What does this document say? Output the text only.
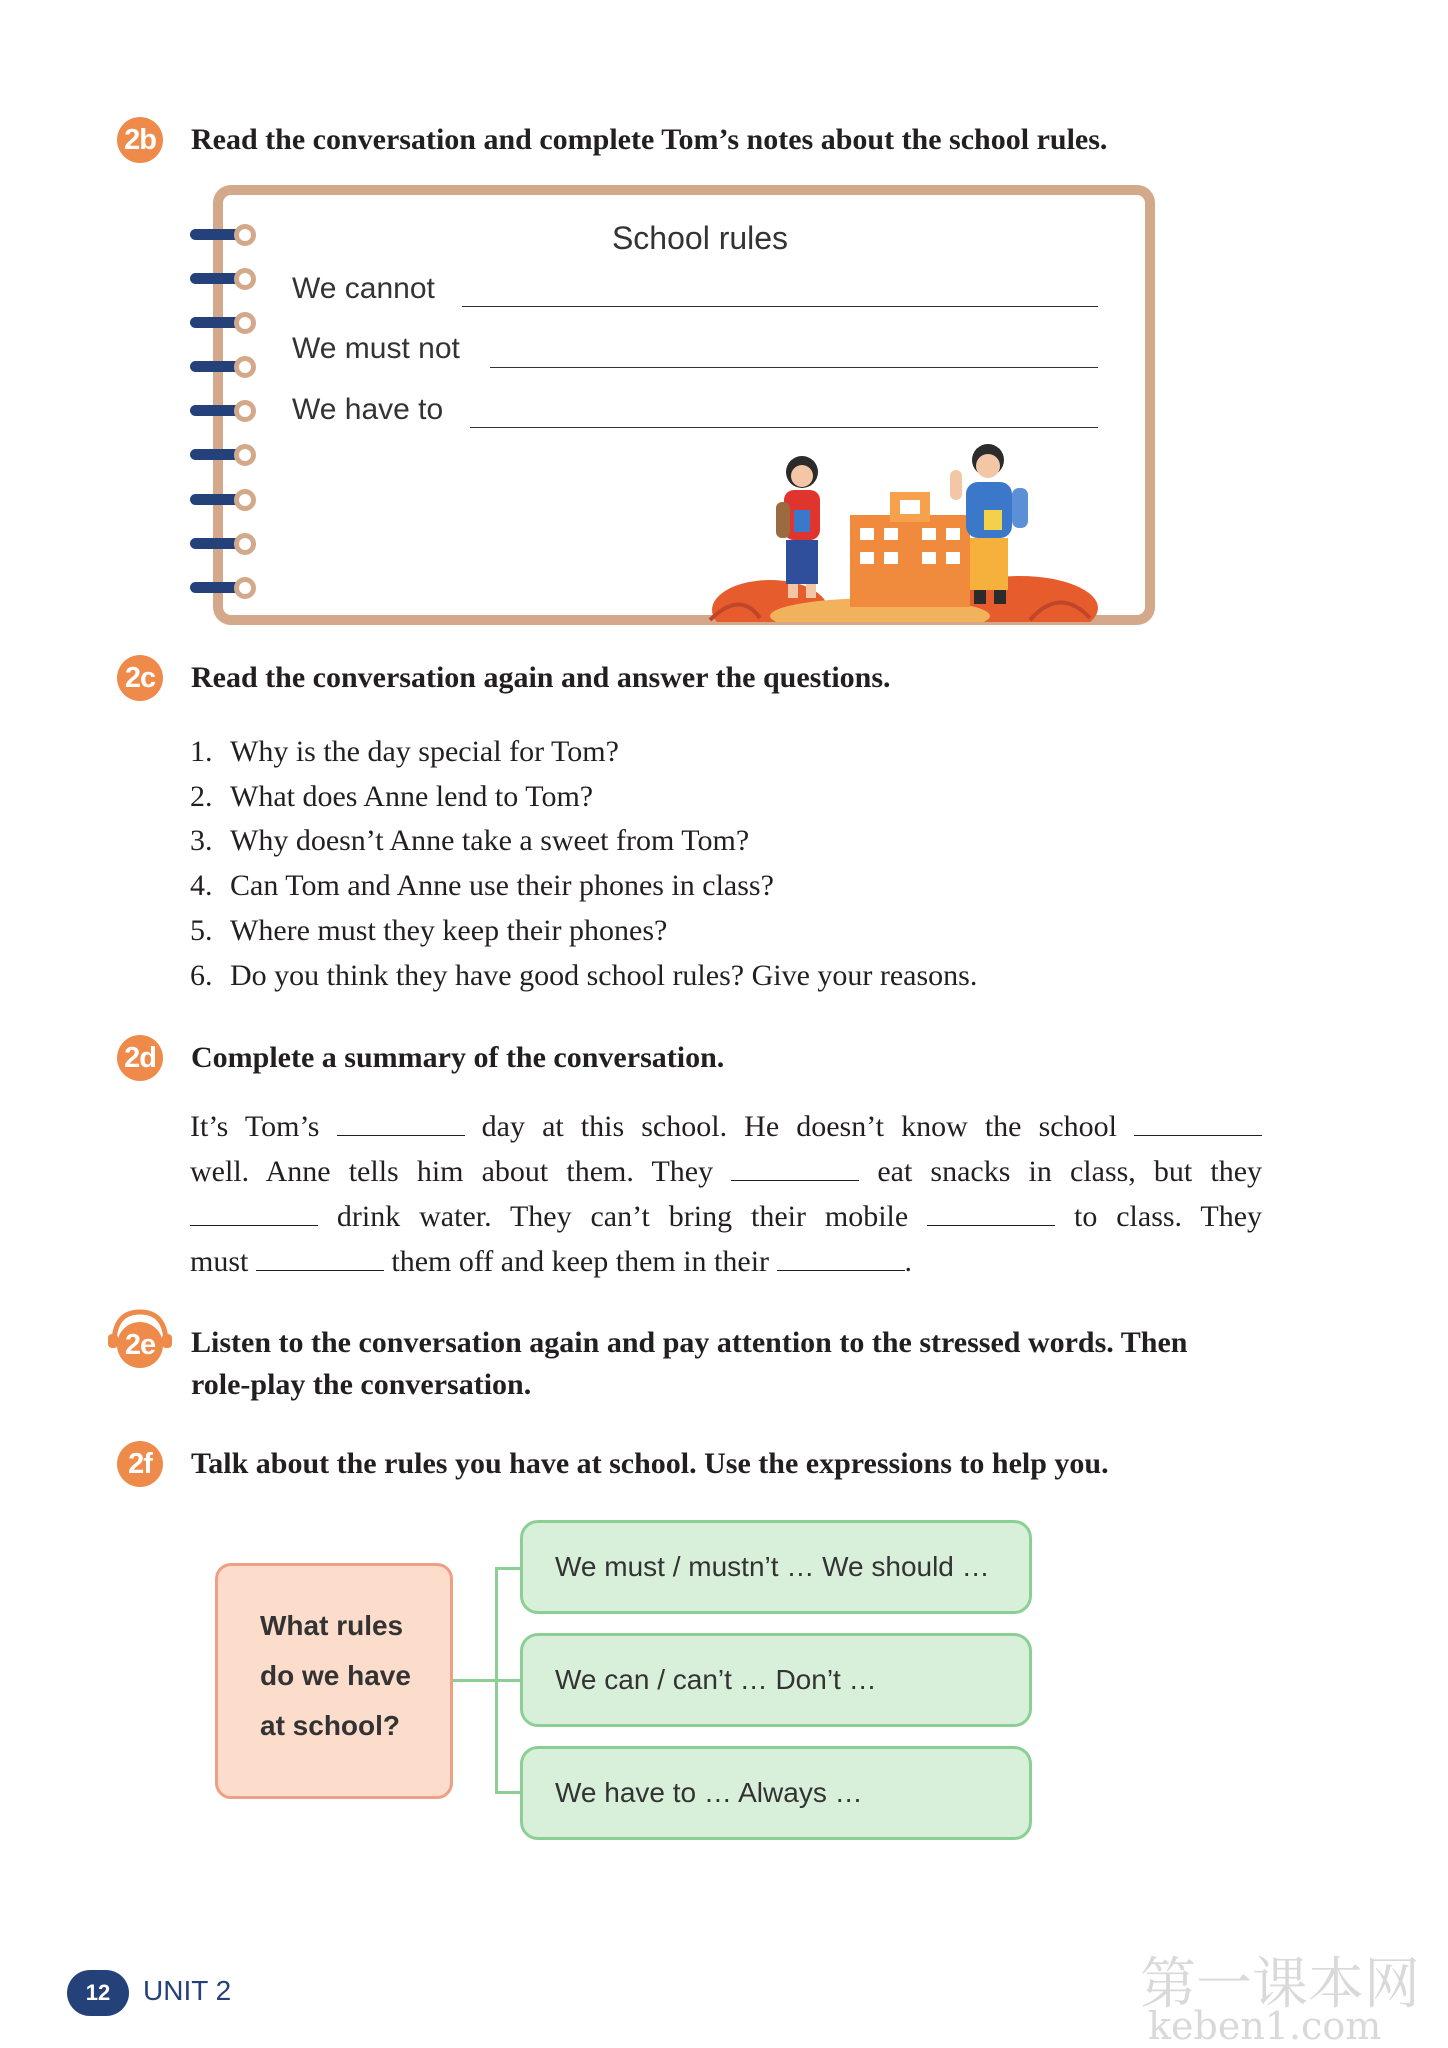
2b Read the conversation and complete Tom’s notes about the school rules.
School rules
We cannot
We must not
We have to
2c Read the conversation again and answer the questions.
1. Why is the day special for Tom?
2. What does Anne lend to Tom?
3. Why doesn’t Anne take a sweet from Tom?
4. Can Tom and Anne use their phones in class?
5. Where must they keep their phones?
6. Do you think they have good school rules? Give your reasons.
2d Complete a summary of the conversation.
It’s Tom’s	day at this school. He doesn’t know the school
well. Anne tells him about them. They	eat snacks in class, but they
drink water. They can’t bring their mobile	to class. They
must	them off and keep them in their	.
2e Listen to the conversation again and pay attention to the stressed words. Then
role-play the conversation.
2f	Talk about the rules you have at school. Use the expressions to help you.
What rules
do we have
at school?
We must / mustn’t … We should …
We can / can’t … Don’t …
We have to … Always …
12	UNIT 2	第一课本网
keben1.com
